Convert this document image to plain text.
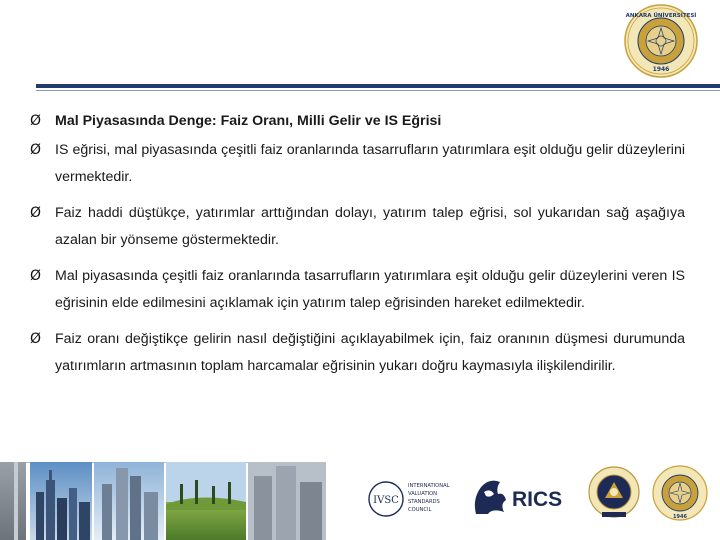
ANKARA ÜNİVERSİTESİ
1946
Ø Mal Piyasasında Denge: Faiz Oranı, Milli Gelir ve IS Eğrisi
Ø IS eğrisi, mal piyasasında çeşitli faiz oranlarında tasarrufların yatırımlara eşit olduğu gelir düzeylerini vermektedir.
Ø Faiz haddi düştükçe, yatırımlar arttığından dolayı, yatırım talep eğrisi, sol yukarıdan sağ aşağıya azalan bir yönseme göstermektedir.
Ø Mal piyasasında çeşitli faiz oranlarında tasarrufların yatırımlara eşit olduğu gelir düzeylerini veren IS eğrisinin elde edilmesini açıklamak için yatırım talep eğrisinden hareket edilmektedir.
Ø Faiz oranı değiştikçe gelirin nasıl değiştiğini açıklayabilmek için, faiz oranının düşmesi durumunda yatırımların artmasının toplam harcamalar eğrisinin yukarı doğru kaymasıyla ilişkilendirilir.
IVSC
INTERNATIONAL
VALUATION
STANDARDS
COUNCIL	RICS
1946
